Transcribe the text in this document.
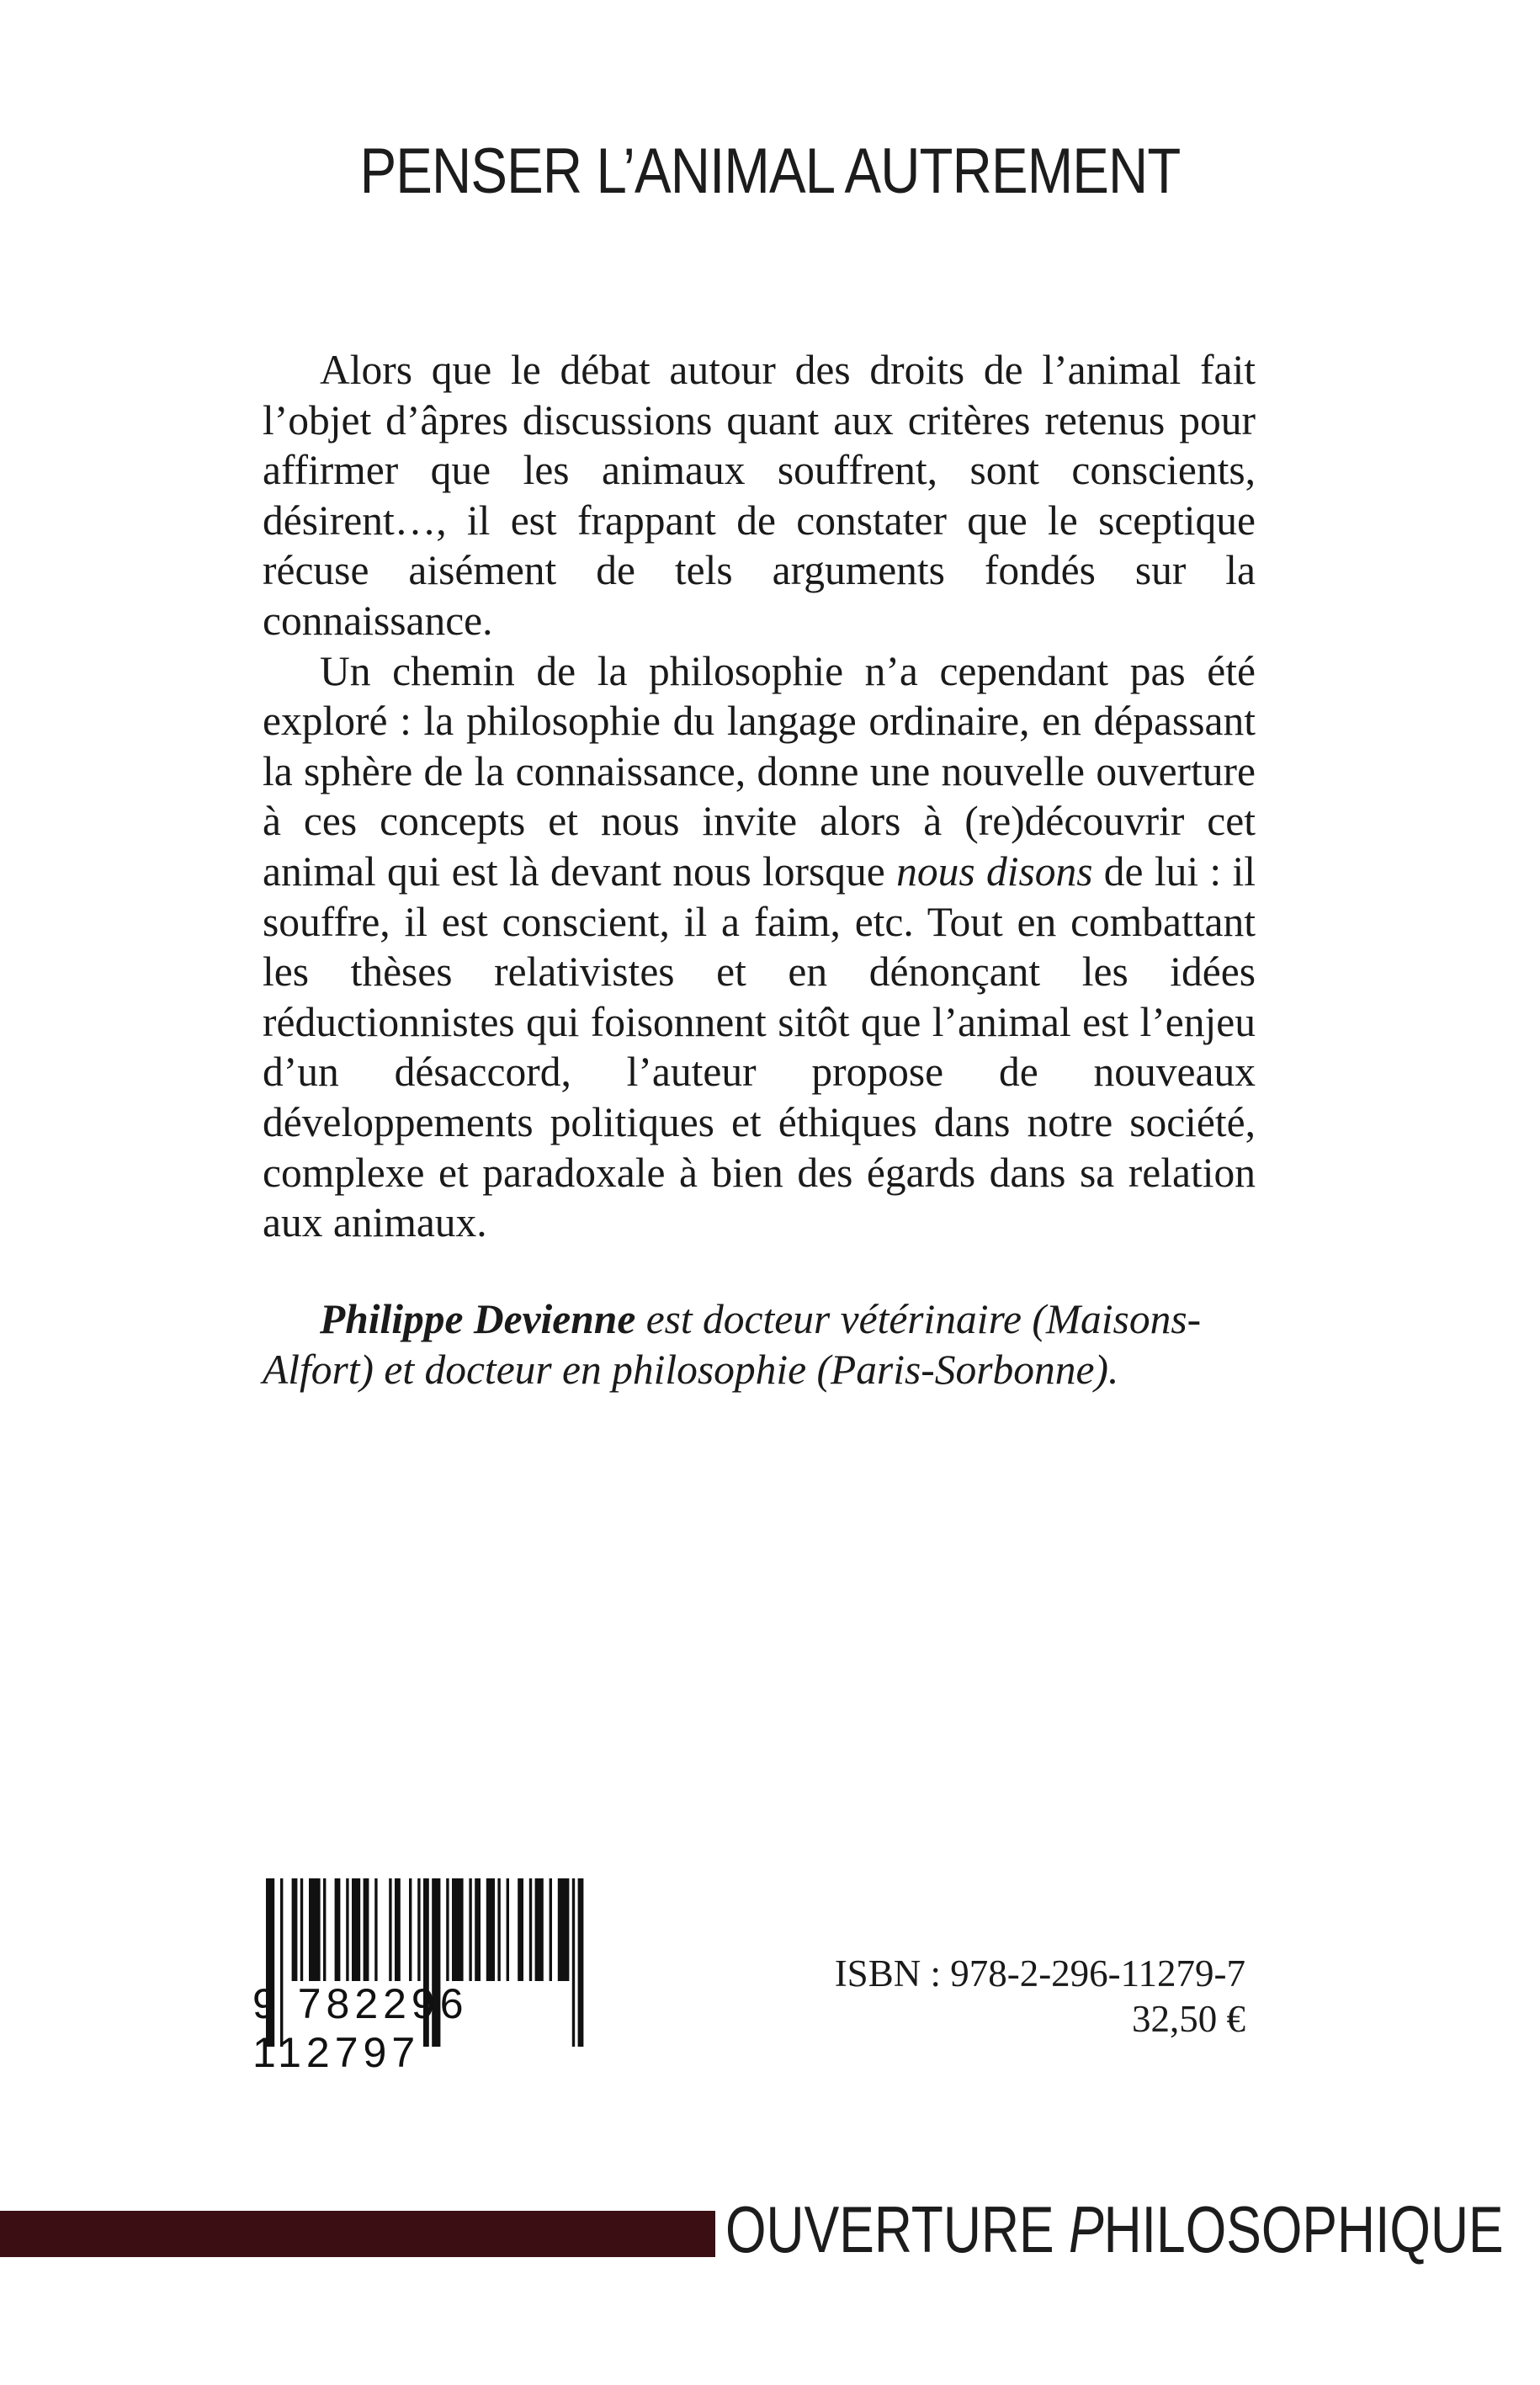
PENSER L’ANIMAL AUTREMENT

Alors que le débat autour des droits de l’animal fait l’objet d’âpres discussions quant aux critères retenus pour affirmer que les animaux souffrent, sont conscients, désirent…, il est frappant de constater que le sceptique récuse aisément de tels arguments fondés sur la connaissance.

Un chemin de la philosophie n’a cependant pas été exploré : la philosophie du langage ordinaire, en dépassant la sphère de la connaissance, donne une nouvelle ouverture à ces concepts et nous invite alors à (re)découvrir cet animal qui est là devant nous lorsque nous disons de lui : il souffre, il est conscient, il a faim, etc. Tout en combattant les thèses relativistes et en dénonçant les idées réductionnistes qui foisonnent sitôt que l’animal est l’enjeu d’un désaccord, l’auteur propose de nouveaux développements politiques et éthiques dans notre société, complexe et paradoxale à bien des égards dans sa relation aux animaux.

Philippe Devienne est docteur vétérinaire (Maisons-Alfort) et docteur en philosophie (Paris-Sorbonne).

9 782296 112797
ISBN : 978-2-296-11279-7
32,50 €
OUVERTURE PHILOSOPHIQUE
